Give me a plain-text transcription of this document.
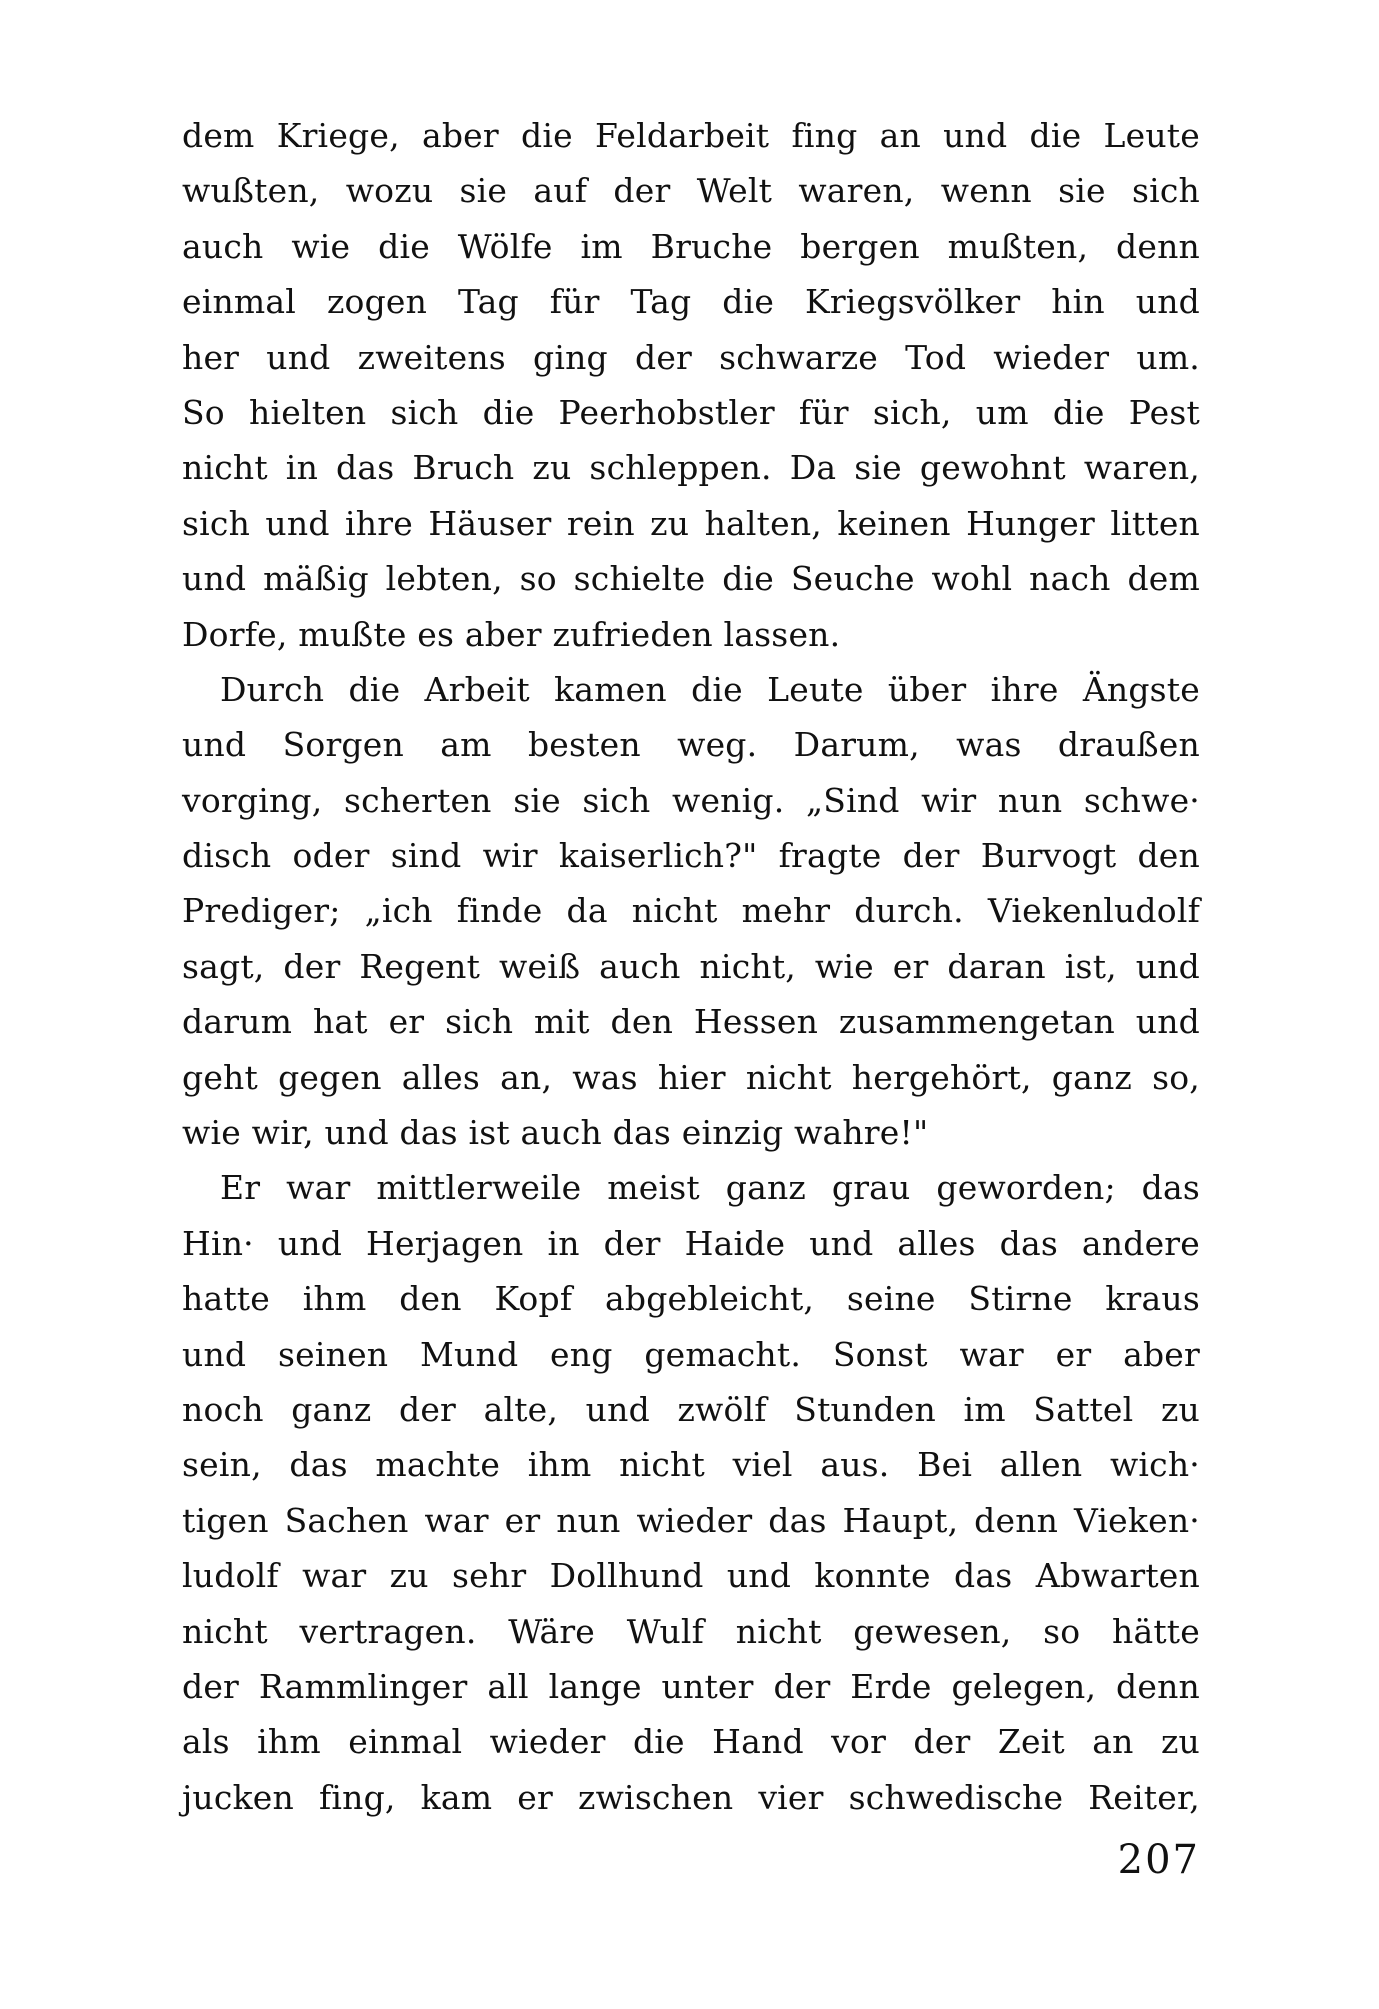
dem Kriege, aber die Feldarbeit fing an und die Leute
wußten, wozu sie auf der Welt waren, wenn sie sich
auch wie die Wölfe im Bruche bergen mußten, denn
einmal zogen Tag für Tag die Kriegsvölker hin und
her und zweitens ging der schwarze Tod wieder um.
So hielten sich die Peerhobstler für sich, um die Pest
nicht in das Bruch zu schleppen. Da sie gewohnt waren,
sich und ihre Häuser rein zu halten, keinen Hunger litten
und mäßig lebten, so schielte die Seuche wohl nach dem
Dorfe, mußte es aber zufrieden lassen.
Durch die Arbeit kamen die Leute über ihre Ängste
und Sorgen am besten weg. Darum, was draußen
vorging, scherten sie sich wenig. „Sind wir nun schwe·
disch oder sind wir kaiserlich?" fragte der Burvogt den
Prediger; „ich finde da nicht mehr durch. Viekenludolf
sagt, der Regent weiß auch nicht, wie er daran ist, und
darum hat er sich mit den Hessen zusammengetan und
geht gegen alles an, was hier nicht hergehört, ganz so,
wie wir, und das ist auch das einzig wahre!"
Er war mittlerweile meist ganz grau geworden; das
Hin· und Herjagen in der Haide und alles das andere
hatte ihm den Kopf abgebleicht, seine Stirne kraus
und seinen Mund eng gemacht. Sonst war er aber
noch ganz der alte, und zwölf Stunden im Sattel zu
sein, das machte ihm nicht viel aus. Bei allen wich·
tigen Sachen war er nun wieder das Haupt, denn Vieken·
ludolf war zu sehr Dollhund und konnte das Abwarten
nicht vertragen. Wäre Wulf nicht gewesen, so hätte
der Rammlinger all lange unter der Erde gelegen, denn
als ihm einmal wieder die Hand vor der Zeit an zu
jucken fing, kam er zwischen vier schwedische Reiter,
207
